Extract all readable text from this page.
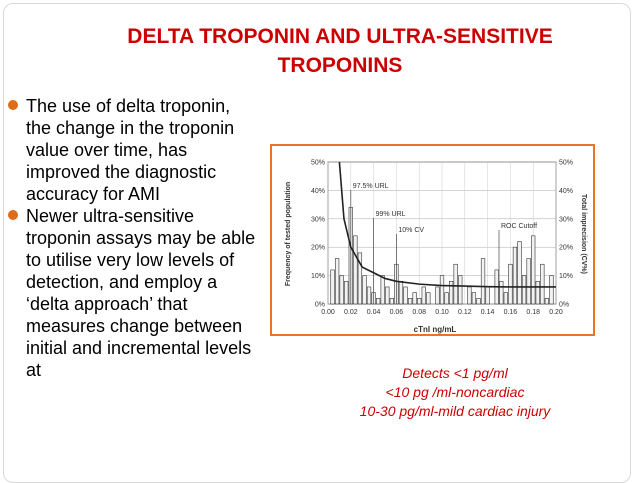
DELTA TROPONIN AND ULTRA-SENSITIVE
TROPONINS
The use of delta troponin, the change in the troponin value over time, has improved the diagnostic accuracy for AMI
Newer ultra-sensitive troponin assays may be able to utilise very low levels of detection, and employ a ‘delta approach’ that measures change between initial and incremental levels at
0%
10%
20%
30%
40%
50%
0%
10%
20%
30%
40%
50%
0.00 0.02 0.04 0.06 0.08 0.10 0.12 0.14 0.16 0.18 0.20
97.5% URL
99% URL
10% CV
ROC Cutoff
cTnI ng/mL
Frequency of tested population	Total imprecision (CV%)
Detects <1 pg/ml
<10 pg /ml-noncardiac
10-30 pg/ml-mild cardiac injury
